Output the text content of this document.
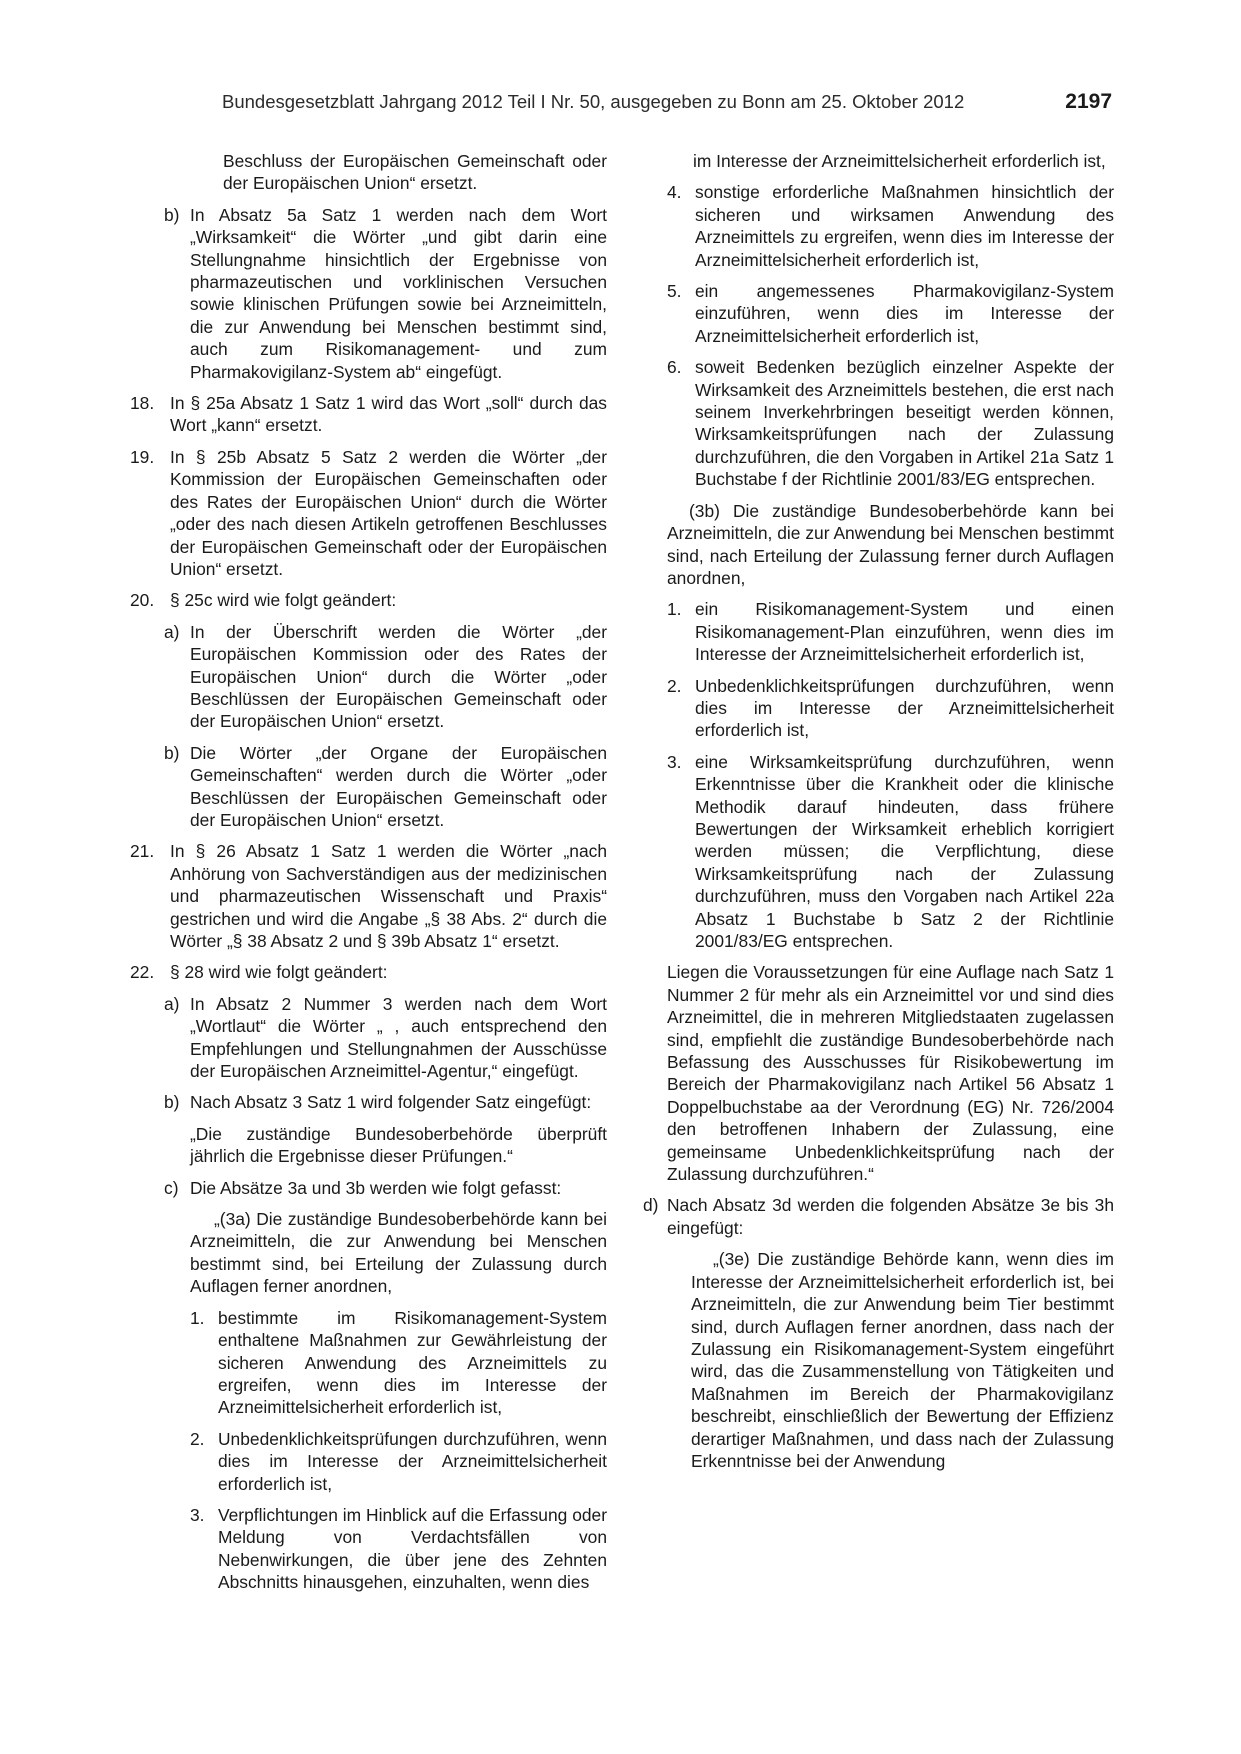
Bundesgesetzblatt Jahrgang 2012 Teil I Nr. 50, ausgegeben zu Bonn am 25. Oktober 2012	2197

Beschluss der Europäischen Gemeinschaft oder der Europäischen Union“ ersetzt.

b) In Absatz 5a Satz 1 werden nach dem Wort „Wirksamkeit“ die Wörter „und gibt darin eine Stellungnahme hinsichtlich der Ergebnisse von pharmazeutischen und vorklinischen Versuchen sowie klinischen Prüfungen sowie bei Arzneimitteln, die zur Anwendung bei Menschen bestimmt sind, auch zum Risikomanagement- und zum Pharmakovigilanz-System ab“ eingefügt.
18. In § 25a Absatz 1 Satz 1 wird das Wort „soll“ durch das Wort „kann“ ersetzt.
19. In § 25b Absatz 5 Satz 2 werden die Wörter „der Kommission der Europäischen Gemeinschaften oder des Rates der Europäischen Union“ durch die Wörter „oder des nach diesen Artikeln getroffenen Beschlusses der Europäischen Gemeinschaft oder der Europäischen Union“ ersetzt.
20. § 25c wird wie folgt geändert:
a) In der Überschrift werden die Wörter „der Europäischen Kommission oder des Rates der Europäischen Union“ durch die Wörter „oder Beschlüssen der Europäischen Gemeinschaft oder der Europäischen Union“ ersetzt.
b) Die Wörter „der Organe der Europäischen Gemeinschaften“ werden durch die Wörter „oder Beschlüssen der Europäischen Gemeinschaft oder der Europäischen Union“ ersetzt.
21. In § 26 Absatz 1 Satz 1 werden die Wörter „nach Anhörung von Sachverständigen aus der medizinischen und pharmazeutischen Wissenschaft und Praxis“ gestrichen und wird die Angabe „§ 38 Abs. 2“ durch die Wörter „§ 38 Absatz 2 und § 39b Absatz 1“ ersetzt.
22. § 28 wird wie folgt geändert:
a) In Absatz 2 Nummer 3 werden nach dem Wort „Wortlaut“ die Wörter „ , auch entsprechend den Empfehlungen und Stellungnahmen der Ausschüsse der Europäischen Arzneimittel-Agentur,“ eingefügt.
b) Nach Absatz 3 Satz 1 wird folgender Satz eingefügt:

„Die zuständige Bundesoberbehörde überprüft jährlich die Ergebnisse dieser Prüfungen.“

c) Die Absätze 3a und 3b werden wie folgt gefasst:

„(3a) Die zuständige Bundesoberbehörde kann bei Arzneimitteln, die zur Anwendung bei Menschen bestimmt sind, bei Erteilung der Zulassung durch Auflagen ferner anordnen,

1. bestimmte im Risikomanagement-System enthaltene Maßnahmen zur Gewährleistung der sicheren Anwendung des Arzneimittels zu ergreifen, wenn dies im Interesse der Arzneimittelsicherheit erforderlich ist,
2. Unbedenklichkeitsprüfungen durchzuführen, wenn dies im Interesse der Arzneimittelsicherheit erforderlich ist,
3. Verpflichtungen im Hinblick auf die Erfassung oder Meldung von Verdachtsfällen von Nebenwirkungen, die über jene des Zehnten Abschnitts hinausgehen, einzuhalten, wenn dies

im Interesse der Arzneimittelsicherheit erforderlich ist,

4. sonstige erforderliche Maßnahmen hinsichtlich der sicheren und wirksamen Anwendung des Arzneimittels zu ergreifen, wenn dies im Interesse der Arzneimittelsicherheit erforderlich ist,
5. ein angemessenes Pharmakovigilanz-System einzuführen, wenn dies im Interesse der Arzneimittelsicherheit erforderlich ist,
6. soweit Bedenken bezüglich einzelner Aspekte der Wirksamkeit des Arzneimittels bestehen, die erst nach seinem Inverkehrbringen beseitigt werden können, Wirksamkeitsprüfungen nach der Zulassung durchzuführen, die den Vorgaben in Artikel 21a Satz 1 Buchstabe f der Richtlinie 2001/83/EG entsprechen.

(3b) Die zuständige Bundesoberbehörde kann bei Arzneimitteln, die zur Anwendung bei Menschen bestimmt sind, nach Erteilung der Zulassung ferner durch Auflagen anordnen,

1. ein Risikomanagement-System und einen Risikomanagement-Plan einzuführen, wenn dies im Interesse der Arzneimittelsicherheit erforderlich ist,
2. Unbedenklichkeitsprüfungen durchzuführen, wenn dies im Interesse der Arzneimittelsicherheit erforderlich ist,
3. eine Wirksamkeitsprüfung durchzuführen, wenn Erkenntnisse über die Krankheit oder die klinische Methodik darauf hindeuten, dass frühere Bewertungen der Wirksamkeit erheblich korrigiert werden müssen; die Verpflichtung, diese Wirksamkeitsprüfung nach der Zulassung durchzuführen, muss den Vorgaben nach Artikel 22a Absatz 1 Buchstabe b Satz 2 der Richtlinie 2001/83/EG entsprechen.

Liegen die Voraussetzungen für eine Auflage nach Satz 1 Nummer 2 für mehr als ein Arzneimittel vor und sind dies Arzneimittel, die in mehreren Mitgliedstaaten zugelassen sind, empfiehlt die zuständige Bundesoberbehörde nach Befassung des Ausschusses für Risikobewertung im Bereich der Pharmakovigilanz nach Artikel 56 Absatz 1 Doppelbuchstabe aa der Verordnung (EG) Nr. 726/2004 den betroffenen Inhabern der Zulassung, eine gemeinsame Unbedenklichkeitsprüfung nach der Zulassung durchzuführen.“

d) Nach Absatz 3d werden die folgenden Absätze 3e bis 3h eingefügt:

„(3e) Die zuständige Behörde kann, wenn dies im Interesse der Arzneimittelsicherheit erforderlich ist, bei Arzneimitteln, die zur Anwendung beim Tier bestimmt sind, durch Auflagen ferner anordnen, dass nach der Zulassung ein Risikomanagement-System eingeführt wird, das die Zusammenstellung von Tätigkeiten und Maßnahmen im Bereich der Pharmakovigilanz beschreibt, einschließlich der Bewertung der Effizienz derartiger Maßnahmen, und dass nach der Zulassung Erkenntnisse bei der Anwendung
